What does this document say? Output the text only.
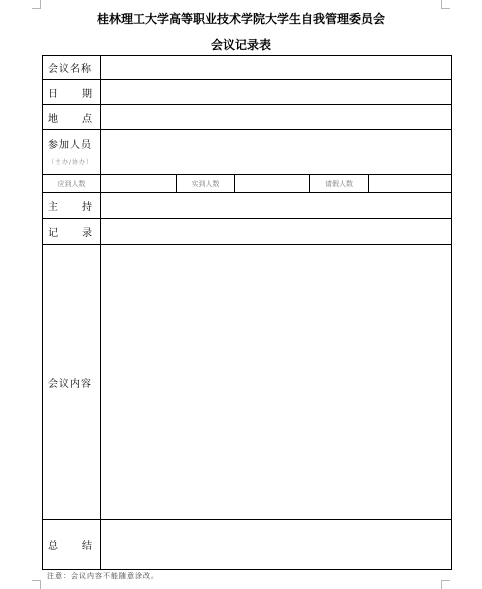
桂林理工大学高等职业技术学院大学生自我管理委员会
会议记录表
会议名称					

日 期					

地 点					

参加人员
（主办/协办）					

应到人数		实到人数		请假人数	

主 持					

记 录					

会议内容					

总 结					

注意：会议内容不能随意涂改。
